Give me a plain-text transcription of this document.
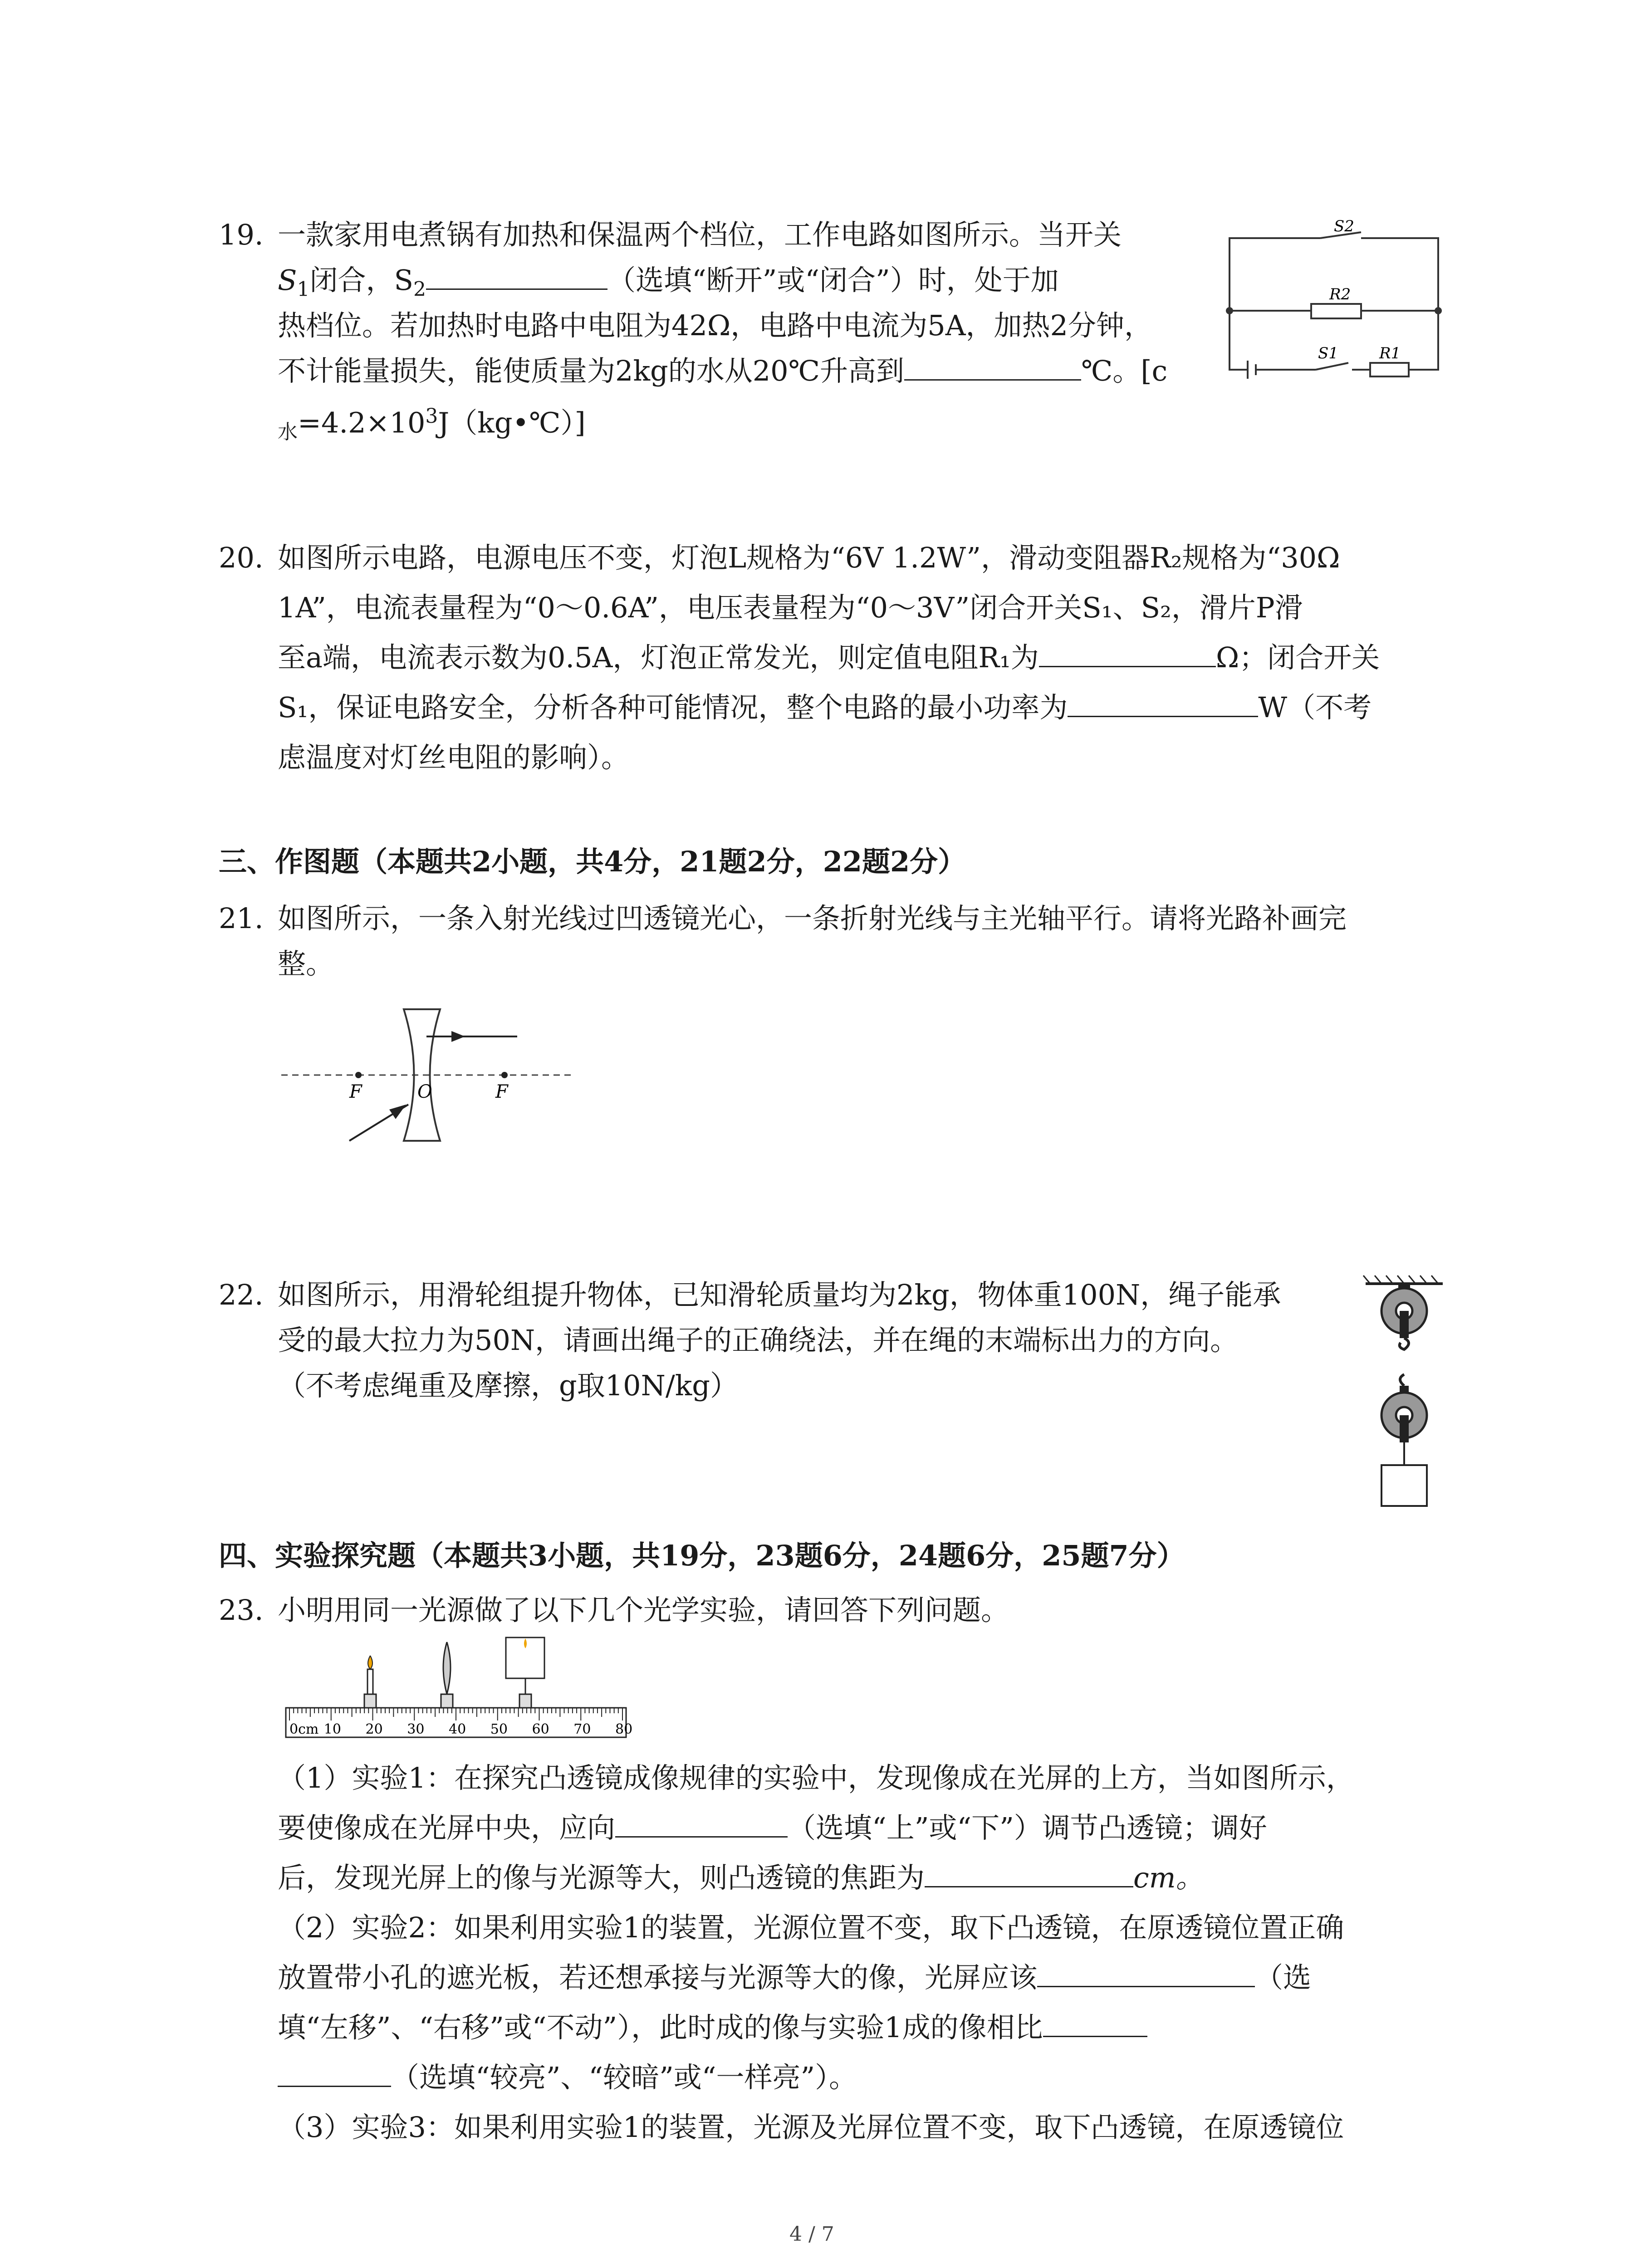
19. 一款家用电煮锅有加热和保温两个档位，工作电路如图所示。当开关
$S_1$闭合，$S_2$	（选填“断开”或“闭合”）时，处于加
热档位。若加热时电路中电阻为42Ω，电路中电流为5A，加热2分钟，
不计能量损失，能使质量为2kg的水从20℃升高到	℃。[c
$_水=4.2\times 10^3J(kg•℃)$]
S2
R2
S1	R1
20. 如图所示电路，电源电压不变，灯泡L规格为“6V 1.2W”，滑动变阻器R₂规格为“30Ω
1A”，电流表量程为“0～0.6A”，电压表量程为“0～3V”闭合开关S₁、S₂，滑片P滑
至a端，电流表示数为0.5A，灯泡正常发光，则定值电阻R₁为	Ω；闭合开关
S₁，保证电路安全，分析各种可能情况，整个电路的最小功率为	W（不考
虑温度对灯丝电阻的影响）。
三、作图题（本题共2小题，共4分，21题2分，22题2分）
21. 如图所示，一条入射光线过凹透镜光心，一条折射光线与主光轴平行。请将光路补画完
整。
F	O	F
22. 如图所示，用滑轮组提升物体，已知滑轮质量均为2kg，物体重100N，绳子能承
受的最大拉力为50N，请画出绳子的正确绕法，并在绳的末端标出力的方向。
（不考虑绳重及摩擦，g取10N/kg）
四、实验探究题（本题共3小题，共19分，23题6分，24题6分，25题7分）
23. 小明用同一光源做了以下几个光学实验，请回答下列问题。
0cm 10 20 30 40 50 60 70 80
（1）实验1：在探究凸透镜成像规律的实验中，发现像成在光屏的上方，当如图所示，
要使像成在光屏中央，应向	（选填“上”或“下”）调节凸透镜；调好
后，发现光屏上的像与光源等大，则凸透镜的焦距为	cm。
（2）实验2：如果利用实验1的装置，光源位置不变，取下凸透镜，在原透镜位置正确
放置带小孔的遮光板，若还想承接与光源等大的像，光屏应该	（选
填“左移”、“右移”或“不动”），此时成的像与实验1成的像相比
（选填“较亮”、“较暗”或“一样亮”）。
（3）实验3：如果利用实验1的装置，光源及光屏位置不变，取下凸透镜，在原透镜位
4 / 7
